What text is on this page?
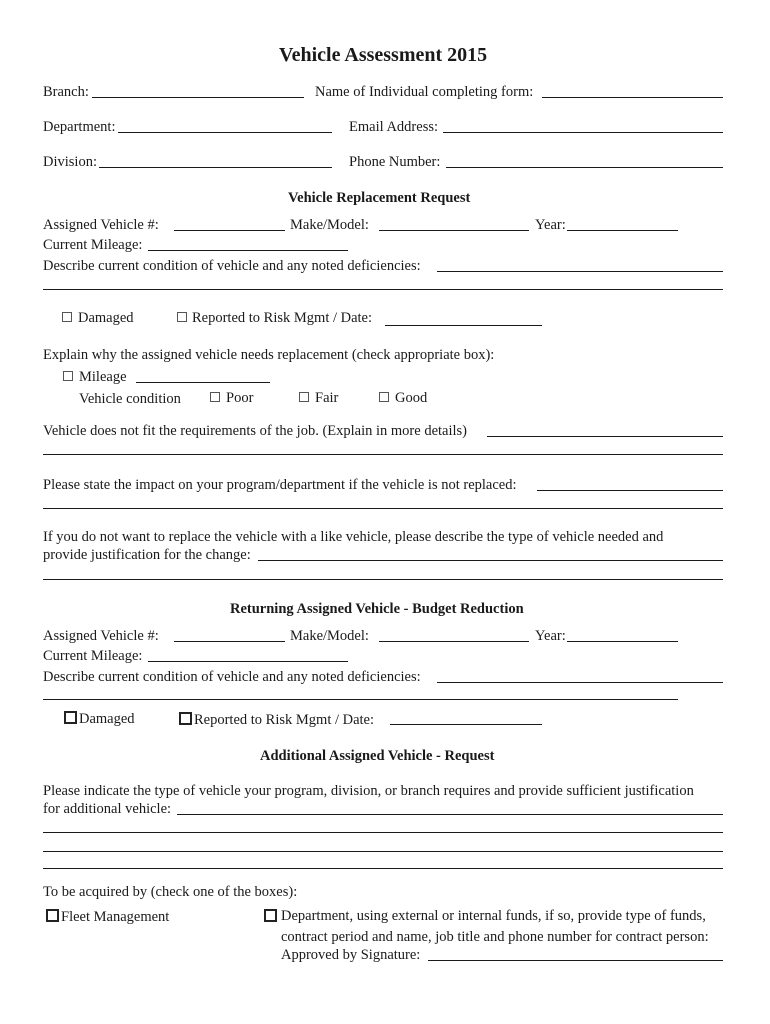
Vehicle Assessment 2015
Branch:	Name of Individual completing form:
Department:	Email Address:
Division:	Phone Number:
Vehicle Replacement Request
Assigned Vehicle #:	Make/Model:	Year:
Current Mileage:
Describe current condition of vehicle and any noted deficiencies:
Damaged	Reported to Risk Mgmt / Date:
Explain why the assigned vehicle needs replacement (check appropriate box):
Mileage
Vehicle condition	Poor	Fair	Good
Vehicle does not fit the requirements of the job. (Explain in more details)
Please state the impact on your program/department if the vehicle is not replaced:
If you do not want to replace the vehicle with a like vehicle, please describe the type of vehicle needed and
provide justification for the change:
Returning Assigned Vehicle - Budget Reduction
Assigned Vehicle #:	Make/Model:	Year:
Current Mileage:
Describe current condition of vehicle and any noted deficiencies:
Damaged	Reported to Risk Mgmt / Date:
Additional Assigned Vehicle - Request
Please indicate the type of vehicle your program, division, or branch requires and provide sufficient justification
for additional vehicle:
To be acquired by (check one of the boxes):
Fleet Management	Department, using external or internal funds, if so, provide type of funds,
contract period and name, job title and phone number for contract person:
Approved by Signature:
